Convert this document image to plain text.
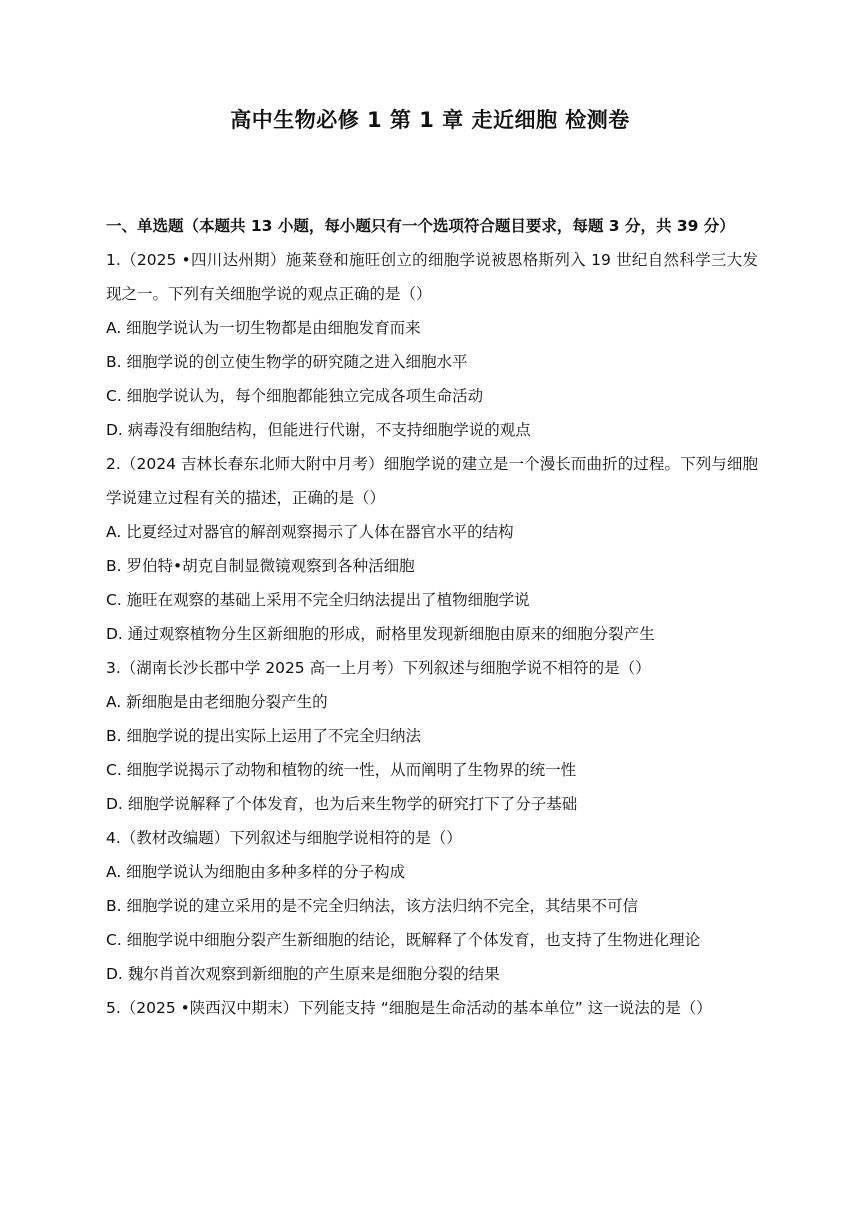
高中生物必修 1 第 1 章 走近细胞 检测卷

一、单选题（本题共 13 小题，每小题只有一个选项符合题目要求，每题 3 分，共 39 分）

1.（2025 •四川达州期）施莱登和施旺创立的细胞学说被恩格斯列入 19 世纪自然科学三大发现之一。下列有关细胞学说的观点正确的是（）

A. 细胞学说认为一切生物都是由细胞发育而来

B. 细胞学说的创立使生物学的研究随之进入细胞水平

C. 细胞学说认为，每个细胞都能独立完成各项生命活动

D. 病毒没有细胞结构，但能进行代谢，不支持细胞学说的观点

2.（2024 吉林长春东北师大附中月考）细胞学说的建立是一个漫长而曲折的过程。下列与细胞学说建立过程有关的描述，正确的是（）

A. 比夏经过对器官的解剖观察揭示了人体在器官水平的结构

B. 罗伯特•胡克自制显微镜观察到各种活细胞

C. 施旺在观察的基础上采用不完全归纳法提出了植物细胞学说

D. 通过观察植物分生区新细胞的形成，耐格里发现新细胞由原来的细胞分裂产生

3.（湖南长沙长郡中学 2025 高一上月考）下列叙述与细胞学说不相符的是（）

A. 新细胞是由老细胞分裂产生的

B. 细胞学说的提出实际上运用了不完全归纳法

C. 细胞学说揭示了动物和植物的统一性，从而阐明了生物界的统一性

D. 细胞学说解释了个体发育，也为后来生物学的研究打下了分子基础

4.（教材改编题）下列叙述与细胞学说相符的是（）

A. 细胞学说认为细胞由多种多样的分子构成

B. 细胞学说的建立采用的是不完全归纳法，该方法归纳不完全，其结果不可信

C. 细胞学说中细胞分裂产生新细胞的结论，既解释了个体发育，也支持了生物进化理论

D. 魏尔肖首次观察到新细胞的产生原来是细胞分裂的结果

5.（2025 •陕西汉中期末）下列能支持 “细胞是生命活动的基本单位” 这一说法的是（）
